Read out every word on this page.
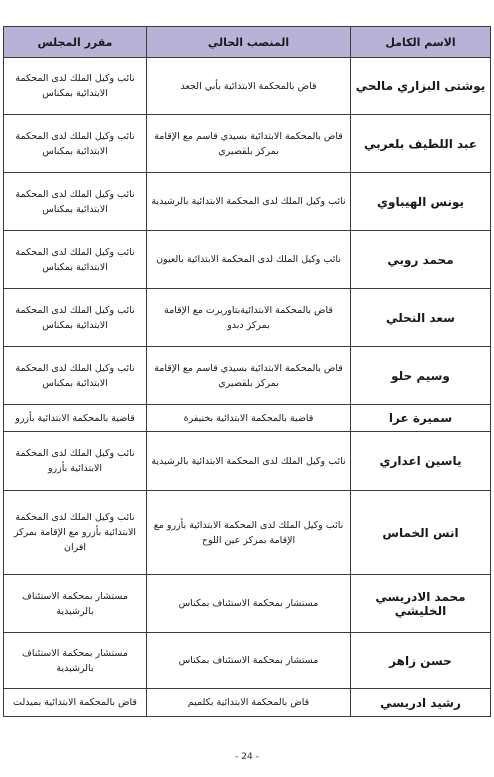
الاسم الكامل	المنصب الحالي	مقرر المجلس
يوشتى البزاري مالحي	قاض بالمحكمة الابتدائية بأبي الجعد	نائب وكيل الملك لدى المحكمة الابتدائية بمكناس
عبد اللطيف بلعربي	قاض بالمحكمة الابتدائية بسيدي قاسم مع الإقامة بمركز بلقصيري	نائب وكيل الملك لدى المحكمة الابتدائية بمكناس
يونس الهيباوي	نائب وكيل الملك لدى المحكمة الابتدائية بالرشيدية	نائب وكيل الملك لدى المحكمة الابتدائية بمكناس
محمد روبي	نائب وكيل الملك لدى المحكمة الابتدائية بالعيون	نائب وكيل الملك لدى المحكمة الابتدائية بمكناس
سعد النحلي	قاض بالمحكمة الابتدائيةبتاوريرت مع الإقامة بمركز دبدو	نائب وكيل الملك لدى المحكمة الابتدائية بمكناس
وسيم حلو	قاض بالمحكمة الابتدائية بسيدي قاسم مع الإقامة بمركز بلقصيري	نائب وكيل الملك لدى المحكمة الابتدائية بمكناس
سميرة عرا	قاضية بالمحكمة الابتدائية بخنيفرة	قاضية بالمحكمة الابتدائية بأزرو
ياسين اعداري	نائب وكيل الملك لدى المحكمة الابتدائية بالرشيدية	نائب وكيل الملك لدى المحكمة الابتدائية بأزرو
انس الخماس	نائب وكيل الملك لدى المحكمة الابتدائية بأزرو مع الإقامة بمركز عين اللوح	نائب وكيل الملك لدى المحكمة الابتدائية بأزرو مع الإقامة بمركز افران
محمد الادريسي الخليشي	مستشار بمحكمة الاستئناف بمكناس	مستشار بمحكمة الاستئناف بالرشيدية
حسن زاهر	مستشار بمحكمة الاستئناف بمكناس	مستشار بمحكمة الاستئناف بالرشيدية
رشيد ادريسي	قاض بالمحكمة الابتدائية بكلميم	قاض بالمحكمة الابتدائية بميدلت
- 24 -
